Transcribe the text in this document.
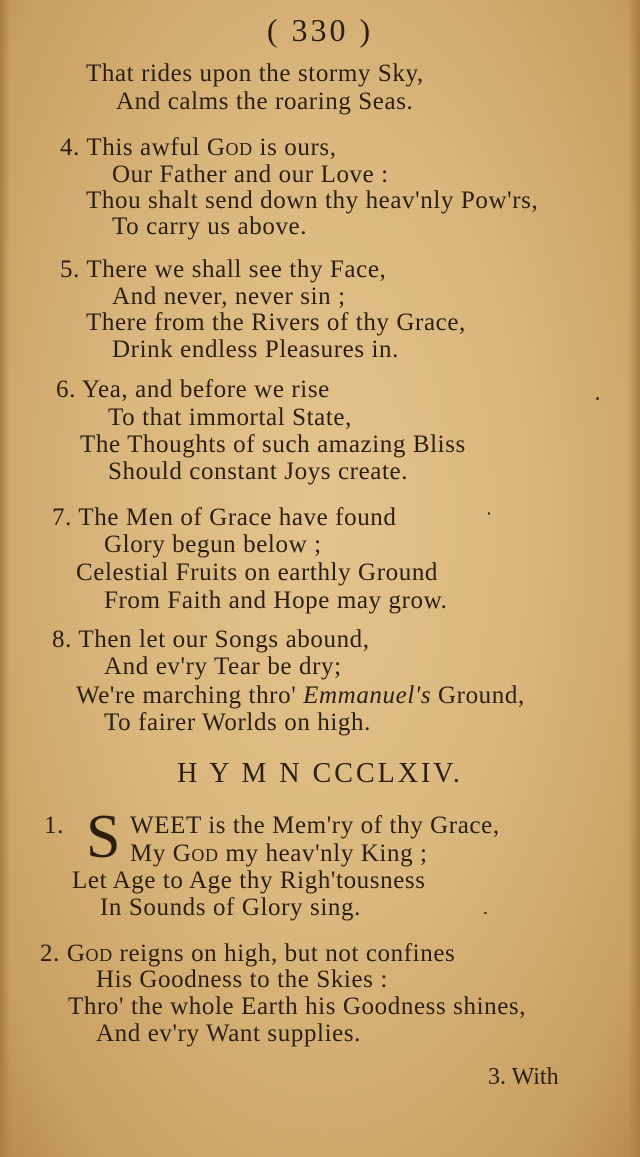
( 330 )
That rides upon the stormy Sky,
And calms the roaring Seas.
4. This awful God is ours,
Our Father and our Love :
Thou shalt send down thy heav'nly Pow'rs,
To carry us above.
5. There we shall see thy Face,
And never, never sin ;
There from the Rivers of thy Grace,
Drink endless Pleasures in.
6. Yea, and before we rise
To that immortal State,
The Thoughts of such amazing Bliss
Should constant Joys create.
7. The Men of Grace have found
Glory begun below ;
Celestial Fruits on earthly Ground
From Faith and Hope may grow.
8. Then let our Songs abound,
And ev'ry Tear be dry;
We're marching thro' Emmanuel's Ground,
To fairer Worlds on high.
H Y M N CCCLXIV.
1. S WEET is the Mem'ry of thy Grace,
My God my heav'nly King ;
Let Age to Age thy Righ'tousness
In Sounds of Glory sing.
2. God reigns on high, but not confines
His Goodness to the Skies :
Thro' the whole Earth his Goodness shines,
And ev'ry Want supplies.
3. With
